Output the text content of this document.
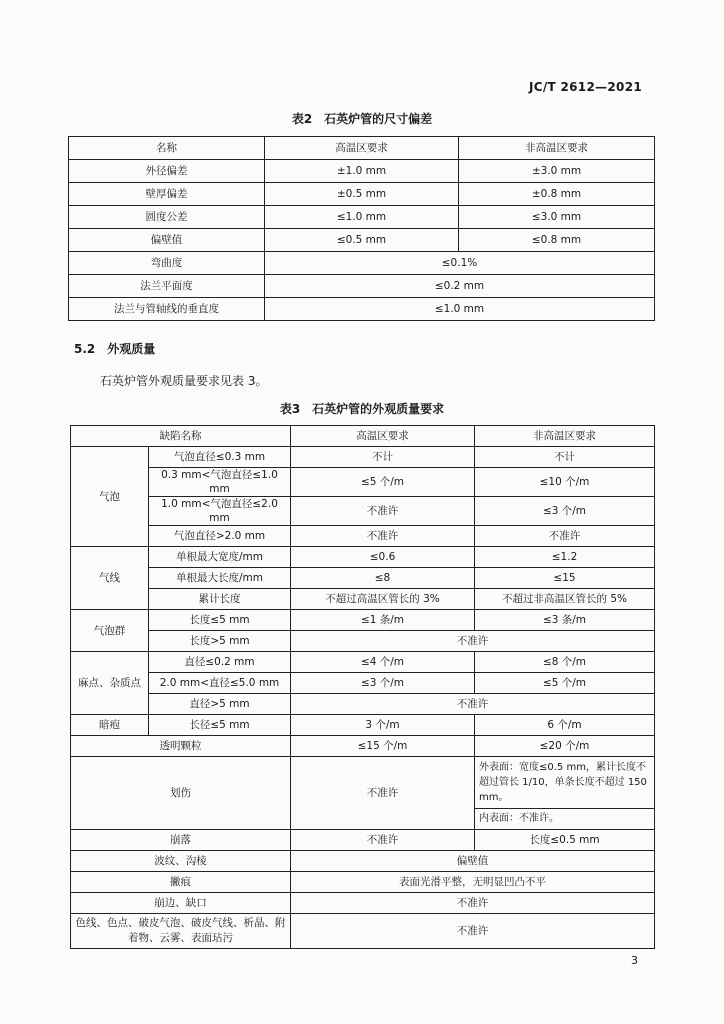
JC/T 2612—2021
表2　石英炉管的尺寸偏差
名称	高温区要求	非高温区要求
外径偏差	±1.0 mm	±3.0 mm
壁厚偏差	±0.5 mm	±0.8 mm
圆度公差	≤1.0 mm	≤3.0 mm
偏壁值	≤0.5 mm	≤0.8 mm
弯曲度	≤0.1%	
法兰平面度	≤0.2 mm	
法兰与管轴线的垂直度	≤1.0 mm	
5.2　外观质量
石英炉管外观质量要求见表 3。
表3　石英炉管的外观质量要求
缺陷名称		高温区要求	非高温区要求
气泡	气泡直径≤0.3 mm	不计	不计
	0.3 mm<气泡直径≤1.0 mm	≤5 个/m	≤10 个/m
	1.0 mm<气泡直径≤2.0 mm	不准许	≤3 个/m
	气泡直径>2.0 mm	不准许	不准许
气线	单根最大宽度/mm	≤0.6	≤1.2
	单根最大长度/mm	≤8	≤15
	累计长度	不超过高温区管长的 3%	不超过非高温区管长的 5%
气泡群	长度≤5 mm	≤1 条/m	≤3 条/m
	长度>5 mm	不准许	
麻点、杂质点	直径≤0.2 mm	≤4 个/m	≤8 个/m
	2.0 mm<直径≤5.0 mm	≤3 个/m	≤5 个/m
	直径>5 mm	不准许	
暗疱	长径≤5 mm	3 个/m	6 个/m
透明颗粒		≤15 个/m	≤20 个/m
划伤		不准许	外表面：宽度≤0.5 mm，累计长度不超过管长 1/10，单条长度不超过 150 mm。
内表面：不准许。

崩落		不准许	长度≤0.5 mm
波纹、沟棱		偏壁值	
撇痕		表面光滑平整，无明显凹凸不平	
崩边、缺口		不准许	
色线、色点、破皮气泡、破皮气线、析晶、附着物、云雾、表面玷污		不准许	
3
